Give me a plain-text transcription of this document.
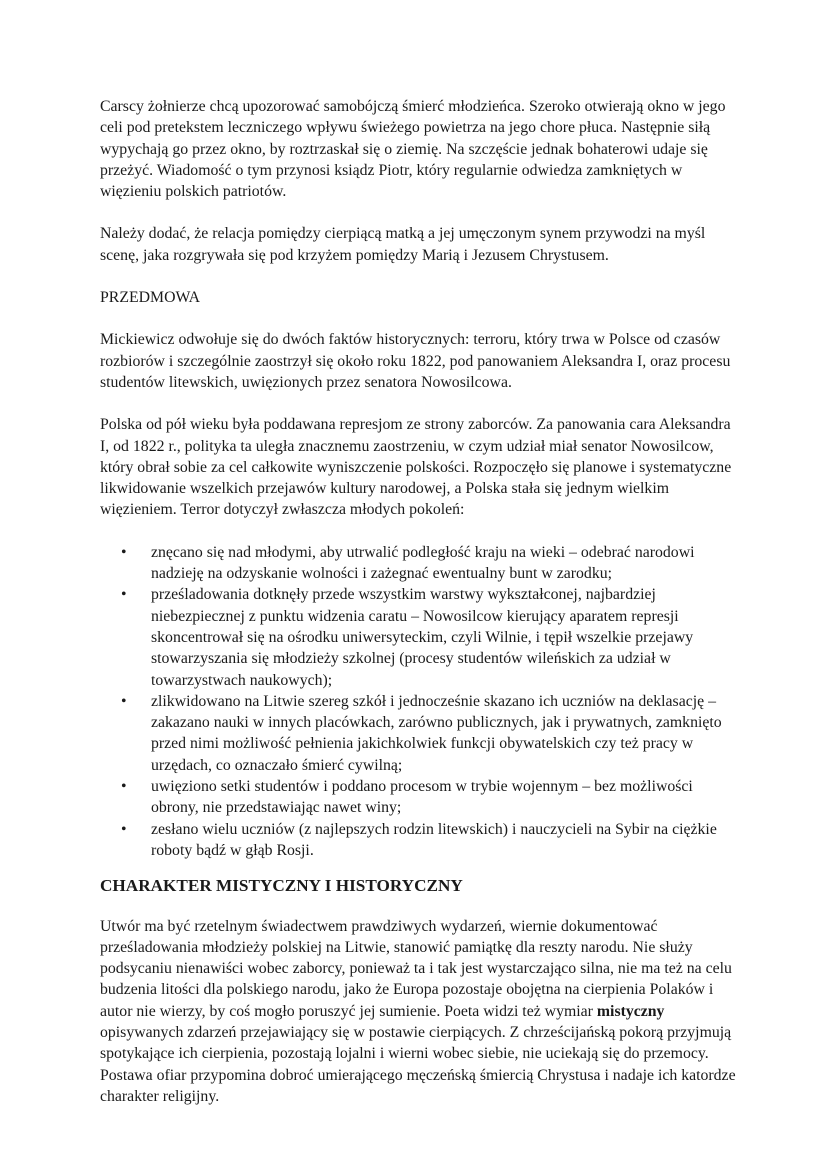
Carscy żołnierze chcą upozorować samobójczą śmierć młodzieńca. Szeroko otwierają okno w jego celi pod pretekstem leczniczego wpływu świeżego powietrza na jego chore płuca. Następnie siłą wypychają go przez okno, by roztrzaskał się o ziemię. Na szczęście jednak bohaterowi udaje się przeżyć. Wiadomość o tym przynosi ksiądz Piotr, który regularnie odwiedza zamkniętych w więzieniu polskich patriotów.

Należy dodać, że relacja pomiędzy cierpiącą matką a jej umęczonym synem przywodzi na myśl scenę, jaka rozgrywała się pod krzyżem pomiędzy Marią i Jezusem Chrystusem.

PRZEDMOWA

Mickiewicz odwołuje się do dwóch faktów historycznych: terroru, który trwa w Polsce od czasów rozbiorów i szczególnie zaostrzył się około roku 1822, pod panowaniem Aleksandra I, oraz procesu studentów litewskich, uwięzionych przez senatora Nowosilcowa.

Polska od pół wieku była poddawana represjom ze strony zaborców. Za panowania cara Aleksandra I, od 1822 r., polityka ta uległa znacznemu zaostrzeniu, w czym udział miał senator Nowosilcow, który obrał sobie za cel całkowite wyniszczenie polskości. Rozpoczęło się planowe i systematyczne likwidowanie wszelkich przejawów kultury narodowej, a Polska stała się jednym wielkim więzieniem. Terror dotyczył zwłaszcza młodych pokoleń:

• znęcano się nad młodymi, aby utrwalić podległość kraju na wieki – odebrać narodowi nadzieję na odzyskanie wolności i zażegnać ewentualny bunt w zarodku;
• prześladowania dotknęły przede wszystkim warstwy wykształconej, najbardziej niebezpiecznej z punktu widzenia caratu – Nowosilcow kierujący aparatem represji skoncentrował się na ośrodku uniwersyteckim, czyli Wilnie, i tępił wszelkie przejawy stowarzyszania się młodzieży szkolnej (procesy studentów wileńskich za udział w towarzystwach naukowych);
• zlikwidowano na Litwie szereg szkół i jednocześnie skazano ich uczniów na deklasację – zakazano nauki w innych placówkach, zarówno publicznych, jak i prywatnych, zamknięto przed nimi możliwość pełnienia jakichkolwiek funkcji obywatelskich czy też pracy w urzędach, co oznaczało śmierć cywilną;
• uwięziono setki studentów i poddano procesom w trybie wojennym – bez możliwości obrony, nie przedstawiając nawet winy;
• zesłano wielu uczniów (z najlepszych rodzin litewskich) i nauczycieli na Sybir na ciężkie roboty bądź w głąb Rosji.

CHARAKTER MISTYCZNY I HISTORYCZNY

Utwór ma być rzetelnym świadectwem prawdziwych wydarzeń, wiernie dokumentować prześladowania młodzieży polskiej na Litwie, stanowić pamiątkę dla reszty narodu. Nie służy podsycaniu nienawiści wobec zaborcy, ponieważ ta i tak jest wystarczająco silna, nie ma też na celu budzenia litości dla polskiego narodu, jako że Europa pozostaje obojętna na cierpienia Polaków i autor nie wierzy, by coś mogło poruszyć jej sumienie. Poeta widzi też wymiar mistyczny opisywanych zdarzeń przejawiający się w postawie cierpiących. Z chrześcijańską pokorą przyjmują spotykające ich cierpienia, pozostają lojalni i wierni wobec siebie, nie uciekają się do przemocy. Postawa ofiar przypomina dobroć umierającego męczeńską śmiercią Chrystusa i nadaje ich katordze charakter religijny.
